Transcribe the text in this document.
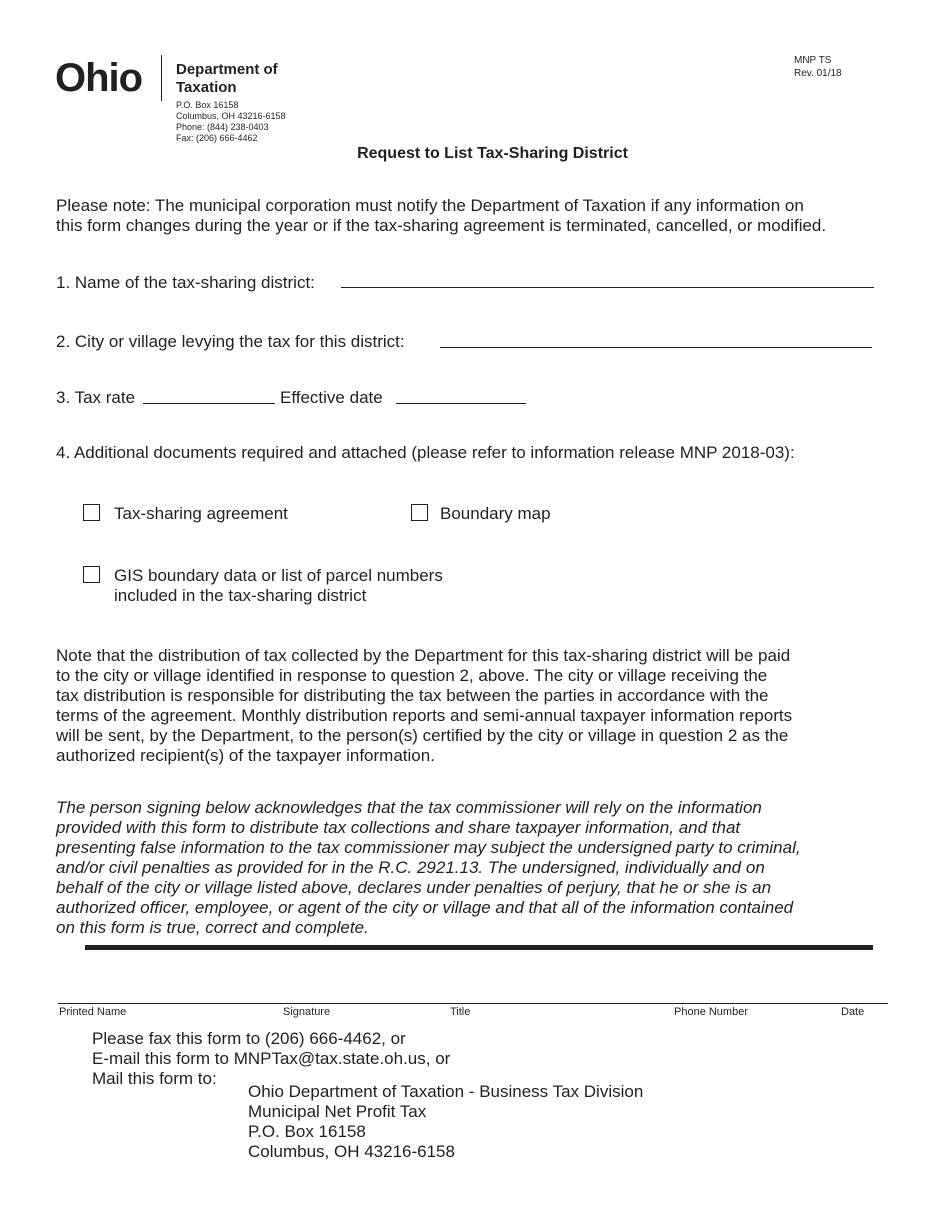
Ohio Department of
Taxation
P.O. Box 16158
Columbus, OH 43216-6158
Phone: (844) 238-0403
Fax: (206) 666-4462
MNP TS
Rev. 01/18
Request to List Tax-Sharing District
Please note: The municipal corporation must notify the Department of Taxation if any information on
this form changes during the year or if the tax-sharing agreement is terminated, cancelled, or modified.
1. Name of the tax-sharing district:
2. City or village levying the tax for this district:
3. Tax rate	Effective date
4. Additional documents required and attached (please refer to information release MNP 2018-03):
Tax-sharing agreement	Boundary map
GIS boundary data or list of parcel numbers
included in the tax-sharing district
Note that the distribution of tax collected by the Department for this tax-sharing district will be paid
to the city or village identified in response to question 2, above. The city or village receiving the
tax distribution is responsible for distributing the tax between the parties in accordance with the
terms of the agreement. Monthly distribution reports and semi-annual taxpayer information reports
will be sent, by the Department, to the person(s) certified by the city or village in question 2 as the
authorized recipient(s) of the taxpayer information.
The person signing below acknowledges that the tax commissioner will rely on the information
provided with this form to distribute tax collections and share taxpayer information, and that
presenting false information to the tax commissioner may subject the undersigned party to criminal,
and/or civil penalties as provided for in the R.C. 2921.13. The undersigned, individually and on
behalf of the city or village listed above, declares under penalties of perjury, that he or she is an
authorized officer, employee, or agent of the city or village and that all of the information contained
on this form is true, correct and complete.
Printed Name	Signature	Title	Phone Number	Date
Please fax this form to (206) 666-4462, or
E-mail this form to MNPTax@tax.state.oh.us, or
Mail this form to:
Ohio Department of Taxation - Business Tax Division
Municipal Net Profit Tax
P.O. Box 16158
Columbus, OH 43216-6158
